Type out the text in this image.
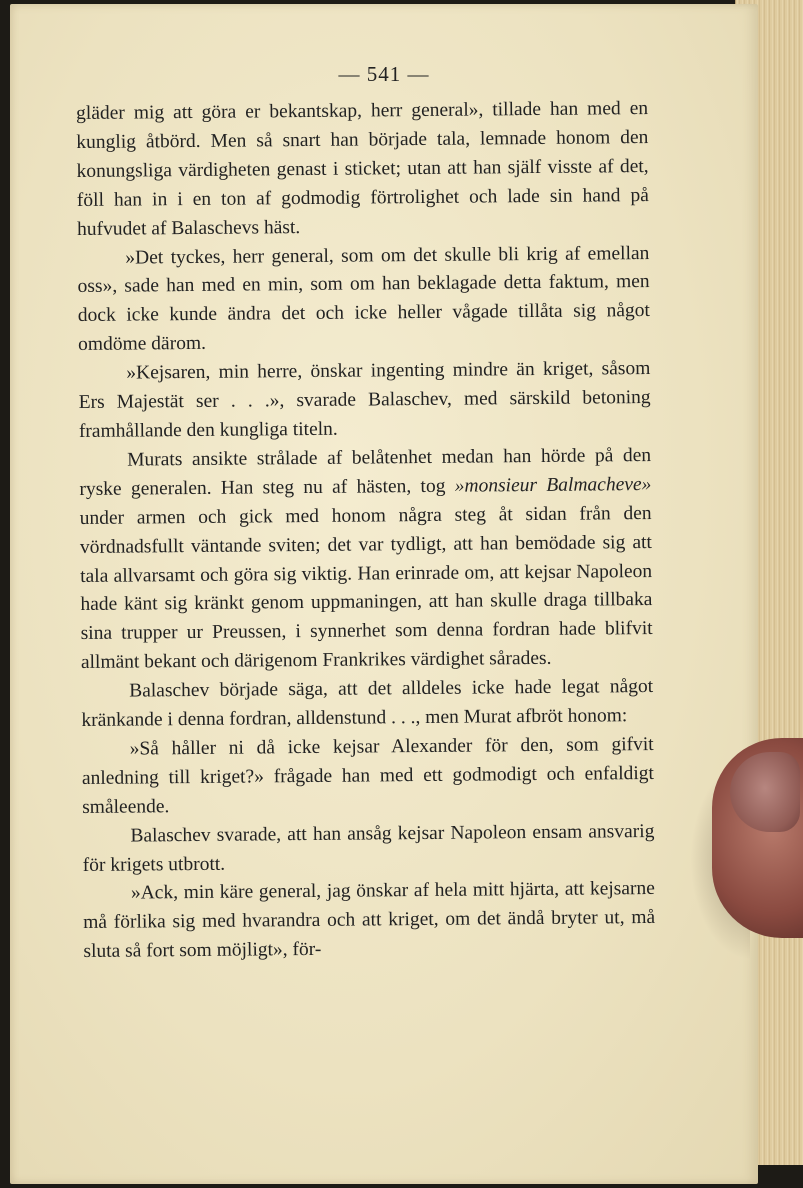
— 541 —

gläder mig att göra er bekantskap, herr general», tillade han med en kunglig åtbörd. Men så snart han började tala, lemnade honom den konungsliga värdigheten genast i sticket; utan att han själf visste af det, föll han in i en ton af godmodig förtrolighet och lade sin hand på hufvudet af Balaschevs häst.

»Det tyckes, herr general, som om det skulle bli krig af emellan oss», sade han med en min, som om han beklagade detta faktum, men dock icke kunde ändra det och icke heller vågade tillåta sig något omdöme därom.

»Kejsaren, min herre, önskar ingenting mindre än kriget, såsom Ers Majestät ser . . .», svarade Balaschev, med särskild betoning framhållande den kungliga titeln.

Murats ansikte strålade af belåtenhet medan han hörde på den ryske generalen. Han steg nu af hästen, tog »monsieur Balmacheve» under armen och gick med honom några steg åt sidan från den vördnadsfullt väntande sviten; det var tydligt, att han bemödade sig att tala allvarsamt och göra sig viktig. Han erinrade om, att kejsar Napoleon hade känt sig kränkt genom uppmaningen, att han skulle draga tillbaka sina trupper ur Preussen, i synnerhet som denna fordran hade blifvit allmänt bekant och därigenom Frankrikes värdighet sårades.

Balaschev började säga, att det alldeles icke hade legat något kränkande i denna fordran, alldenstund . . ., men Murat afbröt honom:

»Så håller ni då icke kejsar Alexander för den, som gifvit anledning till kriget?» frågade han med ett godmodigt och enfaldigt småleende.

Balaschev svarade, att han ansåg kejsar Napoleon ensam ansvarig för krigets utbrott.

»Ack, min käre general, jag önskar af hela mitt hjärta, att kejsarne må förlika sig med hvarandra och att kriget, om det ändå bryter ut, må sluta så fort som möjligt», för-
